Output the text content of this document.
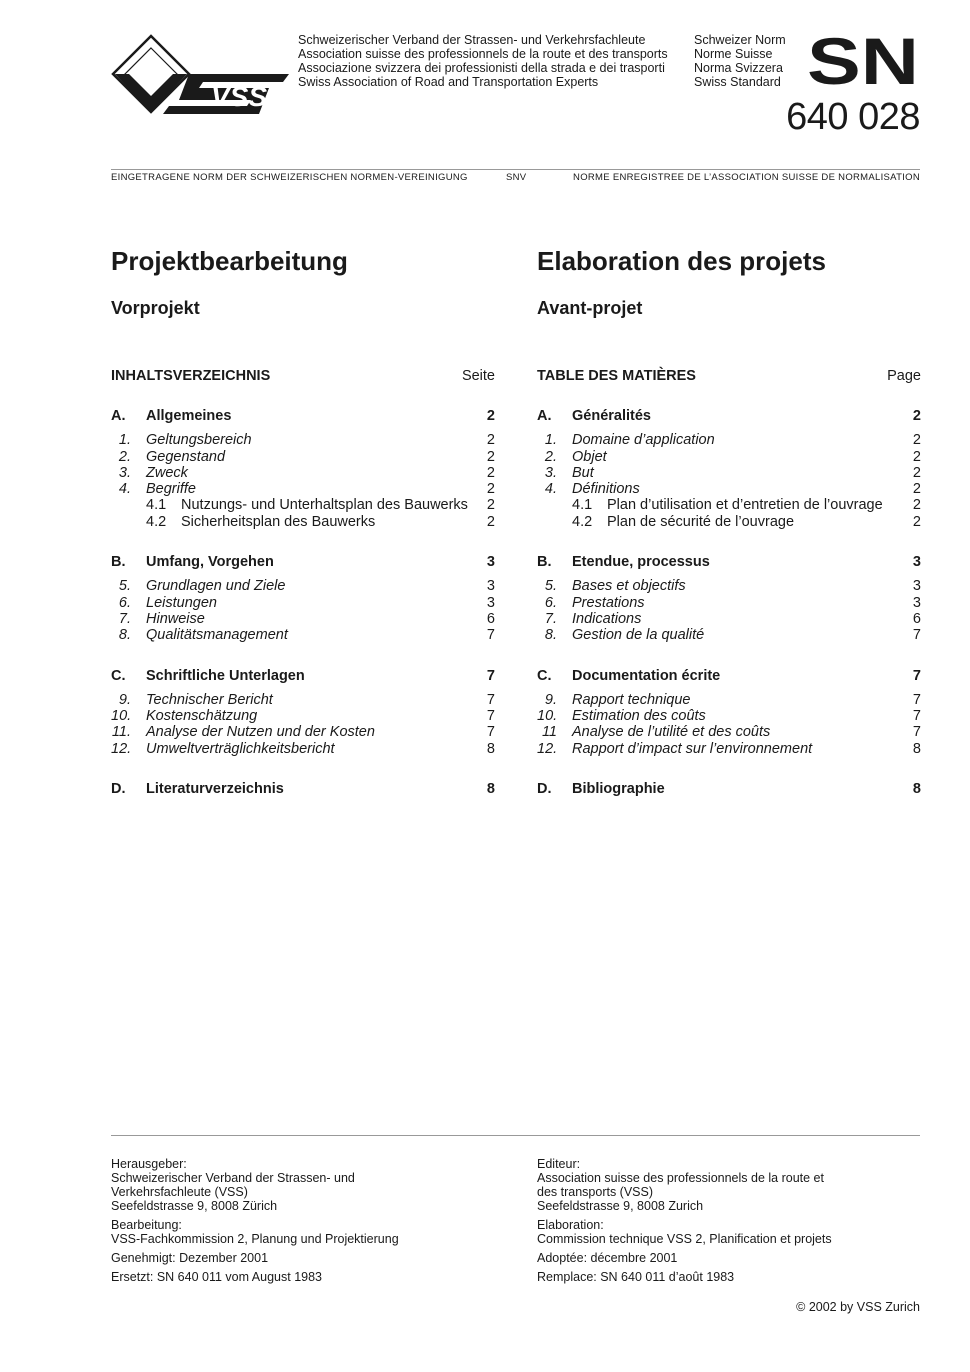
VSS
Schweizerischer Verband der Strassen- und Verkehrsfachleute
Association suisse des professionnels de la route et des transports
Associazione svizzera dei professionisti della strada e dei trasporti
Swiss Association of Road and Transportation Experts
Schweizer Norm
Norme Suisse
Norma Svizzera
Swiss Standard SN
640 028
EINGETRAGENE NORM DER SCHWEIZERISCHEN NORMEN-VEREINIGUNG	SNV	NORME ENREGISTREE DE L’ASSOCIATION SUISSE DE NORMALISATION
Projektbearbeitung
Vorprojekt
INHALTSVERZEICHNIS	Seite
A.	Allgemeines	2
1. Geltungsbereich	2
2. Gegenstand	2
3. Zweck	2
4. Begriffe	2
4.1 Nutzungs- und Unterhaltsplan des Bauwerks 2
4.2 Sicherheitsplan des Bauwerks	2
B.	Umfang, Vorgehen	3
5. Grundlagen und Ziele	3
6. Leistungen	3
7. Hinweise	6
8. Qualitätsmanagement	7
C.	Schriftliche Unterlagen	7
9. Technischer Bericht	7
10. Kostenschätzung	7
11. Analyse der Nutzen und der Kosten	7
12. Umweltverträglichkeitsbericht	8
D.	Literaturverzeichnis	8
Elaboration des projets
Avant-projet
TABLE DES MATIÈRES	Page
A.	Généralités	2
1. Domaine d’application	2
2. Objet	2
3. But	2
4. Définitions	2
4.1 Plan d’utilisation et d’entretien de l’ouvrage 2
4.2 Plan de sécurité de l’ouvrage	2
B.	Etendue, processus	3
5. Bases et objectifs	3
6. Prestations	3
7. Indications	6
8. Gestion de la qualité	7
C.	Documentation écrite	7
9. Rapport technique	7
10. Estimation des coûts	7
11 Analyse de l’utilité et des coûts	7
12. Rapport d’impact sur l’environnement	8
D.	Bibliographie	8

Herausgeber:

Schweizerischer Verband der Strassen- und

Verkehrsfachleute (VSS)

Seefeldstrasse 9, 8008 Zürich

Bearbeitung:

VSS-Fachkommission 2, Planung und Projektierung

Genehmigt: Dezember 2001

Ersetzt: SN 640 011 vom August 1983

Editeur:

Association suisse des professionnels de la route et

des transports (VSS)

Seefeldstrasse 9, 8008 Zurich

Elaboration:

Commission technique VSS 2, Planification et projets

Adoptée: décembre 2001

Remplace: SN 640 011 d’août 1983

© 2002 by VSS Zurich
